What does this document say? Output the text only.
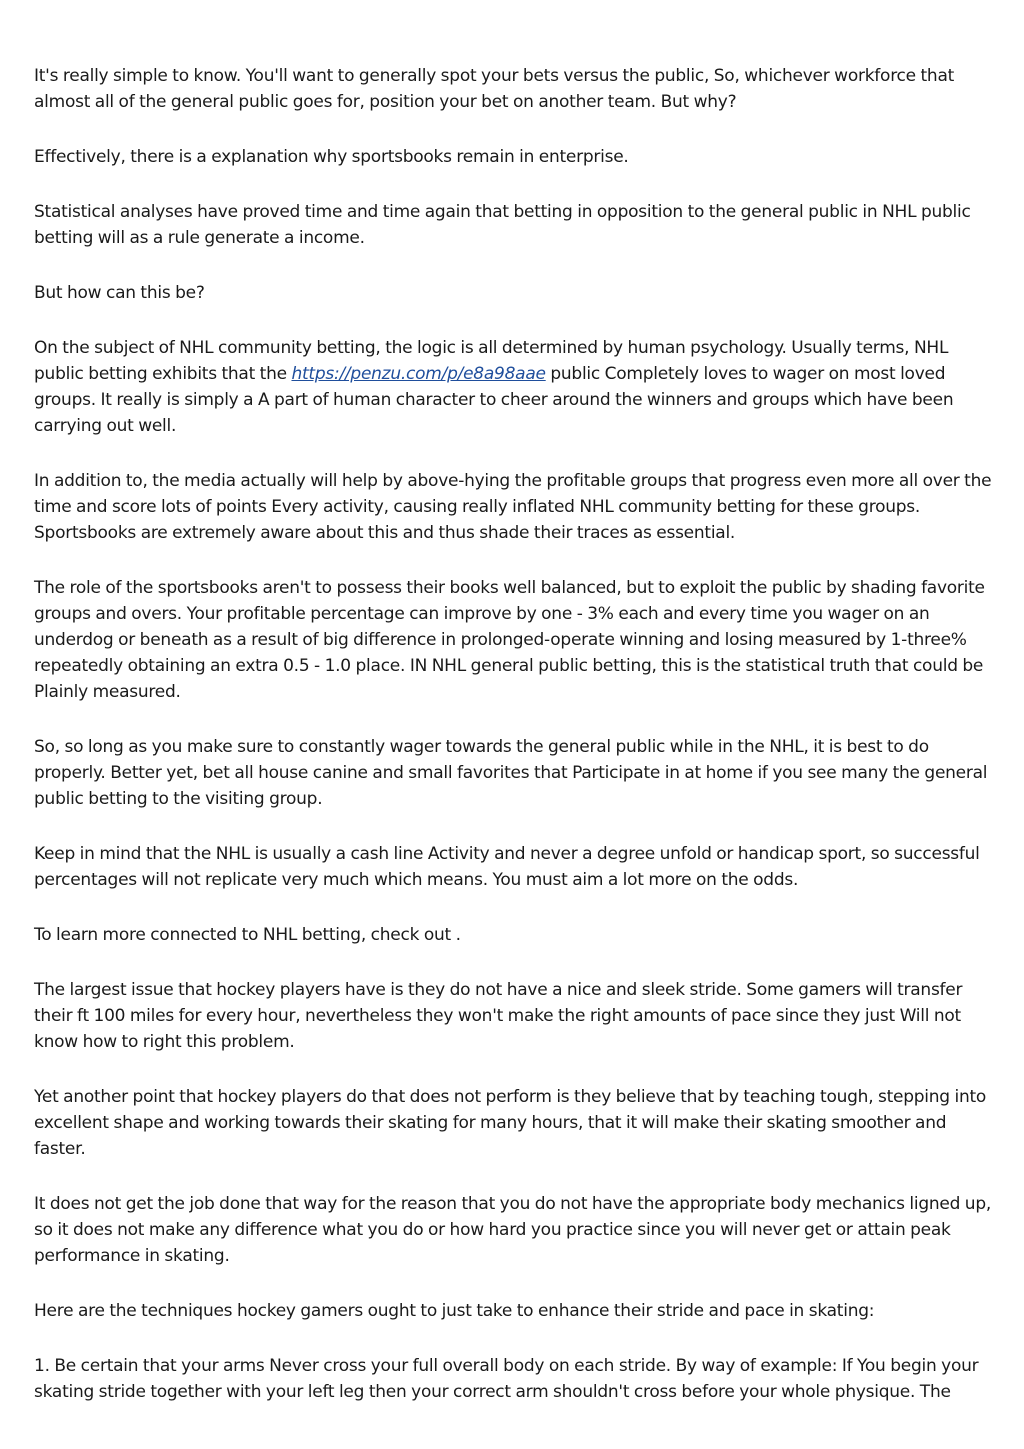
It's really simple to know. You'll want to generally spot your bets versus the public, So, whichever workforce that almost all of the general public goes for, position your bet on another team. But why?

Effectively, there is a explanation why sportsbooks remain in enterprise.

Statistical analyses have proved time and time again that betting in opposition to the general public in NHL public betting will as a rule generate a income.

But how can this be?

On the subject of NHL community betting, the logic is all determined by human psychology. Usually terms, NHL public betting exhibits that the https://penzu.com/p/e8a98aae public Completely loves to wager on most loved groups. It really is simply a A part of human character to cheer around the winners and groups which have been carrying out well.

In addition to, the media actually will help by above-hying the profitable groups that progress even more all over the time and score lots of points Every activity, causing really inflated NHL community betting for these groups. Sportsbooks are extremely aware about this and thus shade their traces as essential.

The role of the sportsbooks aren't to possess their books well balanced, but to exploit the public by shading favorite groups and overs. Your profitable percentage can improve by one - 3% each and every time you wager on an underdog or beneath as a result of big difference in prolonged-operate winning and losing measured by 1-three% repeatedly obtaining an extra 0.5 - 1.0 place. IN NHL general public betting, this is the statistical truth that could be Plainly measured.

So, so long as you make sure to constantly wager towards the general public while in the NHL, it is best to do properly. Better yet, bet all house canine and small favorites that Participate in at home if you see many the general public betting to the visiting group.

Keep in mind that the NHL is usually a cash line Activity and never a degree unfold or handicap sport, so successful percentages will not replicate very much which means. You must aim a lot more on the odds.

To learn more connected to NHL betting, check out .

The largest issue that hockey players have is they do not have a nice and sleek stride. Some gamers will transfer their ft 100 miles for every hour, nevertheless they won't make the right amounts of pace since they just Will not know how to right this problem.

Yet another point that hockey players do that does not perform is they believe that by teaching tough, stepping into excellent shape and working towards their skating for many hours, that it will make their skating smoother and faster.

It does not get the job done that way for the reason that you do not have the appropriate body mechanics ligned up, so it does not make any difference what you do or how hard you practice since you will never get or attain peak performance in skating.

Here are the techniques hockey gamers ought to just take to enhance their stride and pace in skating:

1. Be certain that your arms Never cross your full overall body on each stride. By way of example: If You begin your skating stride together with your left leg then your correct arm shouldn't cross before your whole physique. The
